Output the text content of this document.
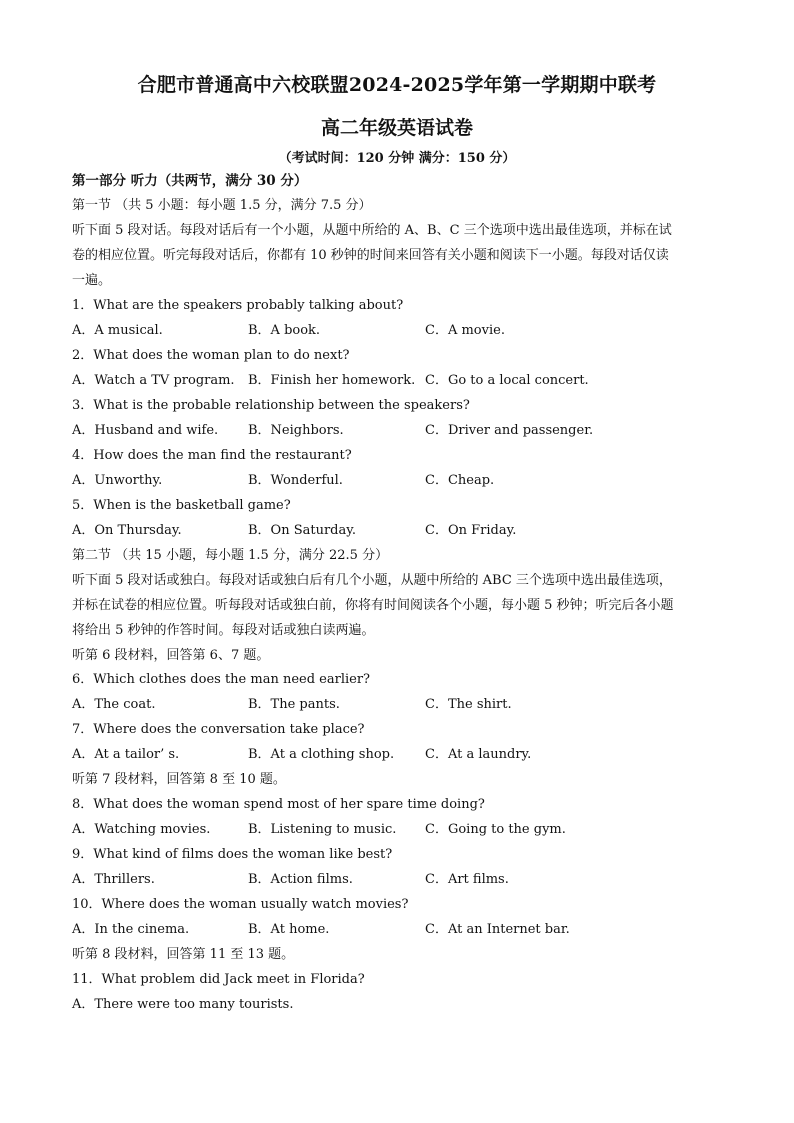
合肥市普通高中六校联盟2024-2025学年第一学期期中联考
高二年级英语试卷
（考试时间：120 分钟 满分：150 分）
第一部分 听力（共两节，满分 30 分）
第一节 （共 5 小题：每小题 1.5 分，满分 7.5 分）
听下面 5 段对话。每段对话后有一个小题，从题中所给的 A、B、C 三个选项中选出最佳选项，并标在试
卷的相应位置。听完每段对话后，你都有 10 秒钟的时间来回答有关小题和阅读下一小题。每段对话仅读
一遍。
1．What are the speakers probably talking about?
A．A musical.	B．A book.	C．A movie.
2．What does the woman plan to do next?
A．Watch a TV program. B．Finish her homework. C．Go to a local concert.
3．What is the probable relationship between the speakers?
A．Husband and wife. B．Neighbors.	C．Driver and passenger.
4．How does the man find the restaurant?
A．Unworthy.	B．Wonderful.	C．Cheap.
5．When is the basketball game?
A．On Thursday.	B．On Saturday.	C．On Friday.
第二节 （共 15 小题，每小题 1.5 分，满分 22.5 分）
听下面 5 段对话或独白。每段对话或独白后有几个小题，从题中所给的 ABC 三个选项中选出最佳选项，
并标在试卷的相应位置。听每段对话或独白前，你将有时间阅读各个小题，每小题 5 秒钟；听完后各小题
将给出 5 秒钟的作答时间。每段对话或独白读两遍。
听第 6 段材料，回答第 6、7 题。
6．Which clothes does the man need earlier?
A．The coat.	B．The pants.	C．The shirt.
7．Where does the conversation take place?
A．At a tailor’ s.	B．At a clothing shop. C．At a laundry.
听第 7 段材料，回答第 8 至 10 题。
8．What does the woman spend most of her spare time doing?
A．Watching movies.	B．Listening to music. C．Going to the gym.
9．What kind of films does the woman like best?
A．Thrillers.	B．Action films.	C．Art films.
10．Where does the woman usually watch movies?
A．In the cinema.	B．At home.	C．At an Internet bar.
听第 8 段材料，回答第 11 至 13 题。
11．What problem did Jack meet in Florida?
A．There were too many tourists.
